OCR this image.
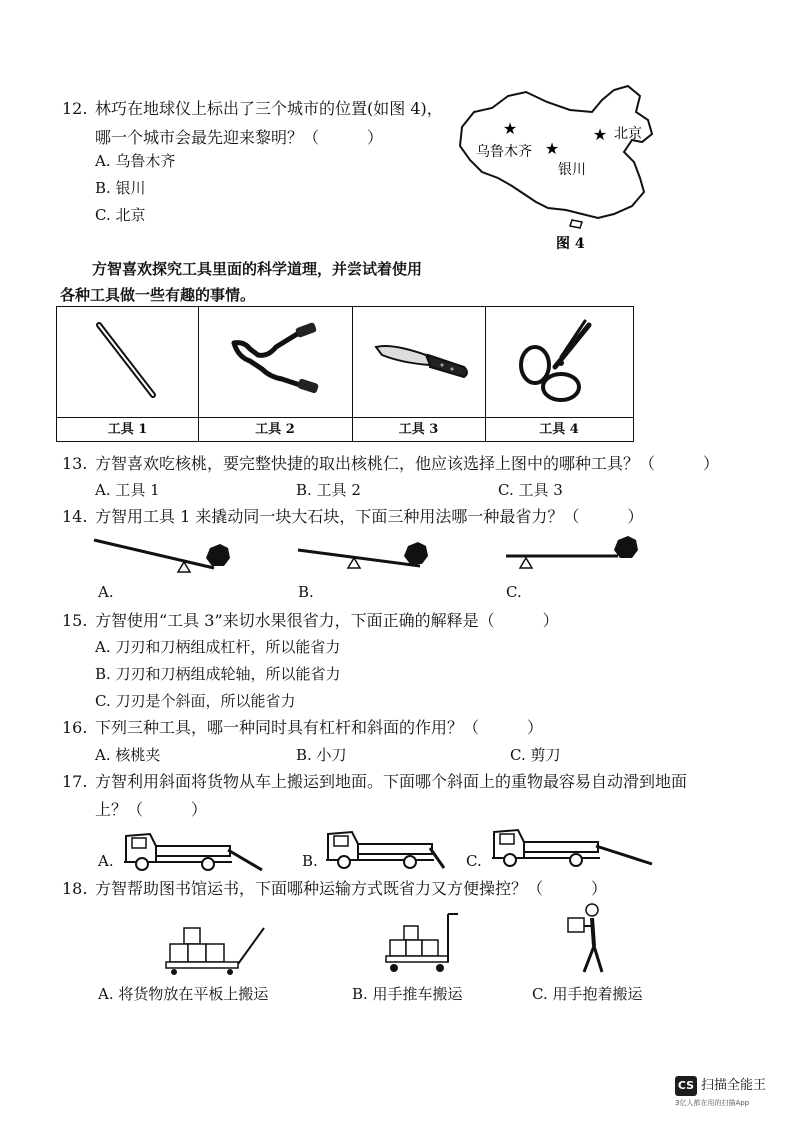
12. 林巧在地球仪上标出了三个城市的位置(如图 4)，
哪一个城市会最先迎来黎明？（　　　）
A. 乌鲁木齐
B. 银川
C. 北京
★
★
★
乌鲁木齐
银川
北京
图 4
方智喜欢探究工具里面的科学道理，并尝试着使用
各种工具做一些有趣的事情。
工具 1	工具 2	工具 3	工具 4
13. 方智喜欢吃核桃，要完整快捷的取出核桃仁，他应该选择上图中的哪种工具？（　　　）
A. 工具 1	B. 工具 2	C. 工具 3
14. 方智用工具 1 来撬动同一块大石块，下面三种用法哪一种最省力？（　　　）
A.	B.	C.
15. 方智使用“工具 3”来切水果很省力，下面正确的解释是（　　　）
A. 刀刃和刀柄组成杠杆，所以能省力
B. 刀刃和刀柄组成轮轴，所以能省力
C. 刀刃是个斜面，所以能省力
16. 下列三种工具，哪一种同时具有杠杆和斜面的作用？（　　　）
A. 核桃夹	B. 小刀	C. 剪刀
17. 方智利用斜面将货物从车上搬运到地面。下面哪个斜面上的重物最容易自动滑到地面
上？（　　　）
A.	B.	C.
18. 方智帮助图书馆运书，下面哪种运输方式既省力又方便操控？（　　　）
A. 将货物放在平板上搬运	B. 用手推车搬运	C. 用手抱着搬运
CS 扫描全能王
3亿人都在用的扫描App
